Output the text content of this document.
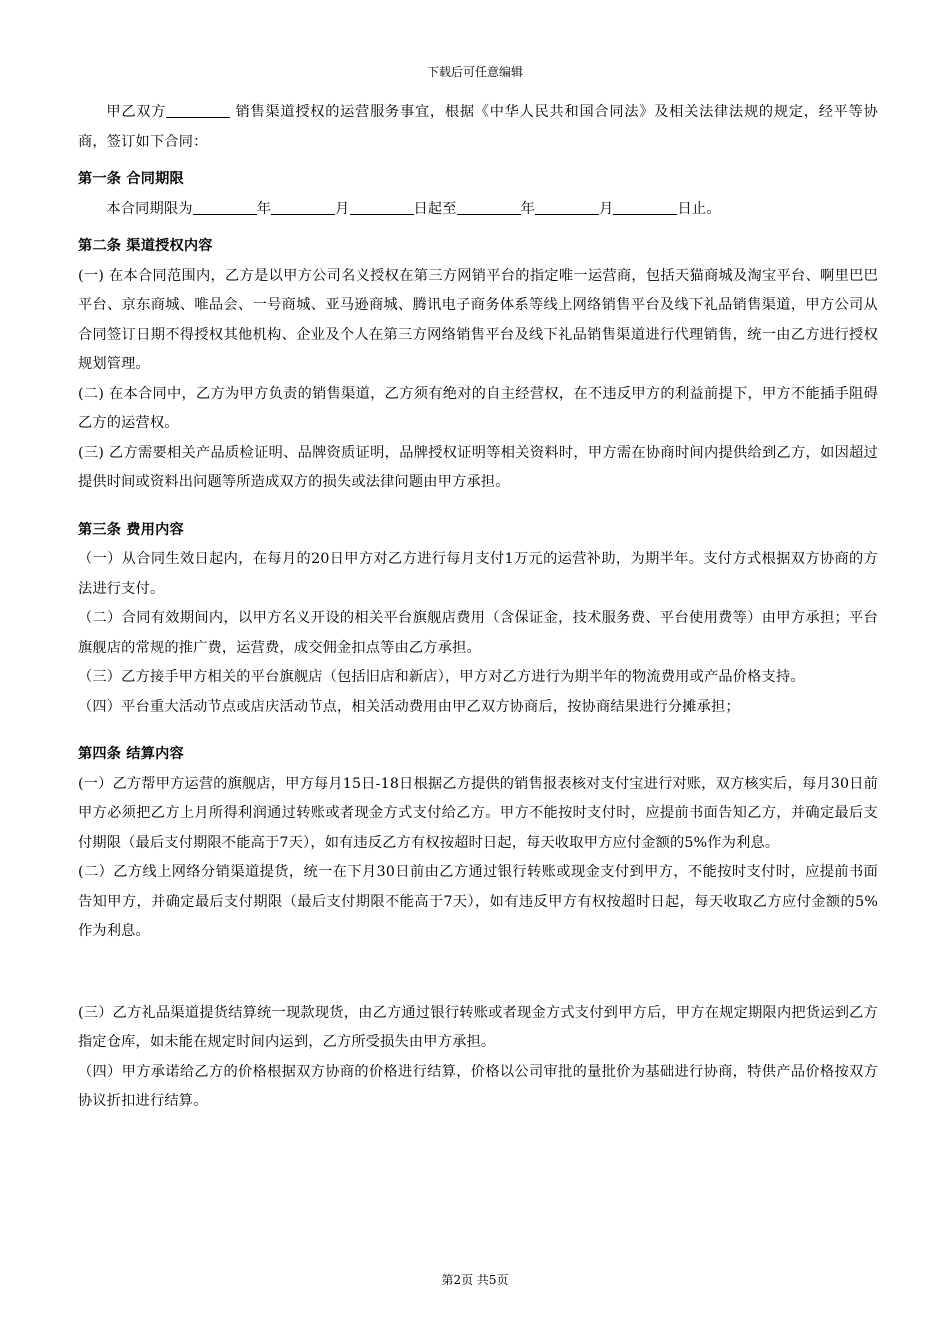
下载后可任意编辑

甲乙双方	销售渠道授权的运营服务事宜，根据《中华人民共和国合同法》及相关法律法规的规定，经平等协商，签订如下合同：

第一条 合同期限

本合同期限为	年	月	日起至	年	月	日止。

第二条 渠道授权内容

(一) 在本合同范围内，乙方是以甲方公司名义授权在第三方网销平台的指定唯一运营商，包括天猫商城及淘宝平台、啊里巴巴平台、京东商城、唯品会、一号商城、亚马逊商城、腾讯电子商务体系等线上网络销售平台及线下礼品销售渠道，甲方公司从合同签订日期不得授权其他机构、企业及个人在第三方网络销售平台及线下礼品销售渠道进行代理销售，统一由乙方进行授权规划管理。

(二) 在本合同中，乙方为甲方负责的销售渠道，乙方须有绝对的自主经营权，在不违反甲方的利益前提下，甲方不能插手阻碍乙方的运营权。

(三) 乙方需要相关产品质检证明、品牌资质证明，品牌授权证明等相关资料时，甲方需在协商时间内提供给到乙方，如因超过提供时间或资料出问题等所造成双方的损失或法律问题由甲方承担。

第三条 费用内容

（一）从合同生效日起内，在每月的20日甲方对乙方进行每月支付1万元的运营补助，为期半年。支付方式根据双方协商的方法进行支付。

（二）合同有效期间内，以甲方名义开设的相关平台旗舰店费用（含保证金，技术服务费、平台使用费等）由甲方承担；平台旗舰店的常规的推广费，运营费，成交佣金扣点等由乙方承担。

（三）乙方接手甲方相关的平台旗舰店（包括旧店和新店），甲方对乙方进行为期半年的物流费用或产品价格支持。

（四）平台重大活动节点或店庆活动节点，相关活动费用由甲乙双方协商后，按协商结果进行分摊承担；

第四条 结算内容

(一）乙方帮甲方运营的旗舰店，甲方每月15日-18日根据乙方提供的销售报表核对支付宝进行对账，双方核实后，每月30日前甲方必须把乙方上月所得利润通过转账或者现金方式支付给乙方。甲方不能按时支付时，应提前书面告知乙方，并确定最后支付期限（最后支付期限不能高于7天），如有违反乙方有权按超时日起，每天收取甲方应付金额的5%作为利息。

(二）乙方线上网络分销渠道提货，统一在下月30日前由乙方通过银行转账或现金支付到甲方，不能按时支付时，应提前书面告知甲方，并确定最后支付期限（最后支付期限不能高于7天），如有违反甲方有权按超时日起，每天收取乙方应付金额的5%作为利息。

(三）乙方礼品渠道提货结算统一现款现货，由乙方通过银行转账或者现金方式支付到甲方后，甲方在规定期限内把货运到乙方指定仓库，如未能在规定时间内运到，乙方所受损失由甲方承担。

（四）甲方承诺给乙方的价格根据双方协商的价格进行结算，价格以公司审批的量批价为基础进行协商，特供产品价格按双方协议折扣进行结算。

第2页 共5页
